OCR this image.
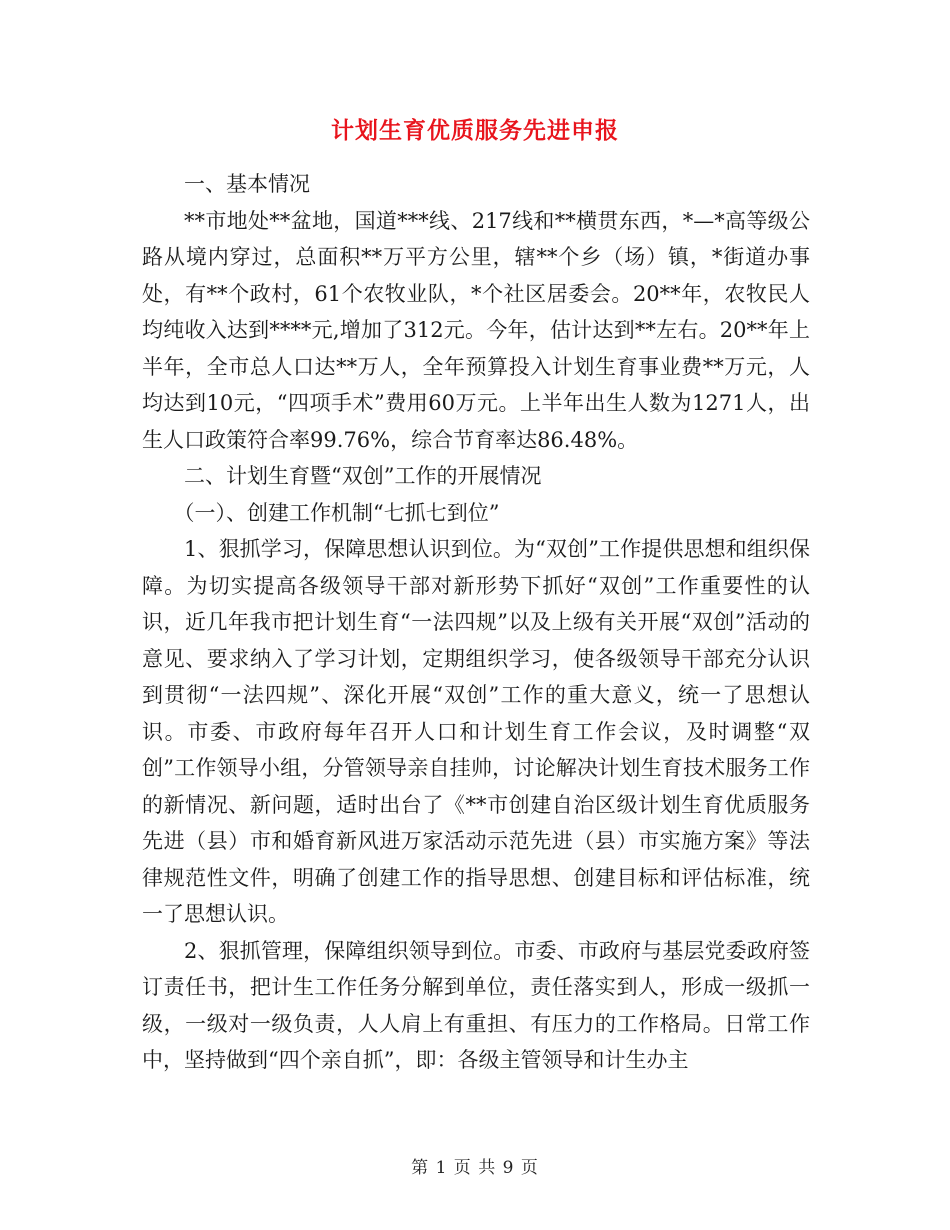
计划生育优质服务先进申报

一、基本情况

**市地处**盆地，国道***线、217线和**横贯东西，*—*高等级公路从境内穿过，总面积**万平方公里，辖**个乡（场）镇，*街道办事处，有**个政村，61个农牧业队，*个社区居委会。20**年，农牧民人均纯收入达到****元,增加了312元。今年，估计达到**左右。20**年上半年，全市总人口达**万人，全年预算投入计划生育事业费**万元，人均达到10元，“四项手术”费用60万元。上半年出生人数为1271人，出生人口政策符合率99.76%，综合节育率达86.48%。

二、计划生育暨“双创”工作的开展情况

（一）、创建工作机制“七抓七到位”

1、狠抓学习，保障思想认识到位。为“双创”工作提供思想和组织保障。为切实提高各级领导干部对新形势下抓好“双创”工作重要性的认识，近几年我市把计划生育“一法四规”以及上级有关开展“双创”活动的意见、要求纳入了学习计划，定期组织学习，使各级领导干部充分认识到贯彻“一法四规”、深化开展“双创”工作的重大意义，统一了思想认识。市委、市政府每年召开人口和计划生育工作会议，及时调整“双创”工作领导小组，分管领导亲自挂帅，讨论解决计划生育技术服务工作的新情况、新问题，适时出台了《**市创建自治区级计划生育优质服务先进（县）市和婚育新风进万家活动示范先进（县）市实施方案》等法律规范性文件，明确了创建工作的指导思想、创建目标和评估标准，统一了思想认识。

2、狠抓管理，保障组织领导到位。市委、市政府与基层党委政府签订责任书，把计生工作任务分解到单位，责任落实到人，形成一级抓一级，一级对一级负责，人人肩上有重担、有压力的工作格局。日常工作中，坚持做到“四个亲自抓”，即：各级主管领导和计生办主

第 1 页 共 9 页
